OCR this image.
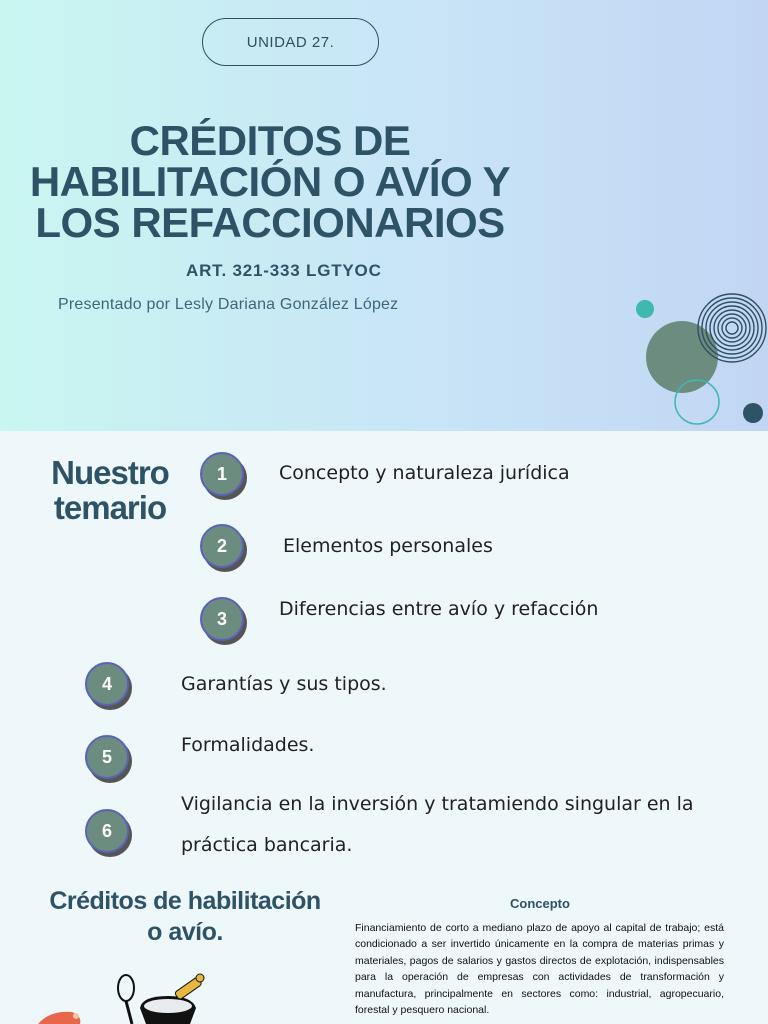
UNIDAD 27.
CRÉDITOS DE
HABILITACIÓN O AVÍO Y
LOS REFACCIONARIOS
ART. 321-333 LGTYOC
Presentado por Lesly Dariana González López
Nuestro
temario
1	Concepto y naturaleza jurídica
2	Elementos personales
3	Diferencias entre avío y refacción
4	Garantías y sus tipos.
5
Formalidades.
6
Vigilancia en la inversión y tratamiendo singular en la
práctica bancaria.
Créditos de habilitación
o avío.
Concepto
Financiamiento de corto a mediano plazo de apoyo al capital de trabajo; está condicionado a ser invertido únicamente en la compra de materias primas y materiales, pagos de salarios y gastos directos de explotación, indispensables para la operación de empresas con actividades de transformación y manufactura, principalmente en sectores como: industrial, agropecuario, forestal y pesquero nacional.
